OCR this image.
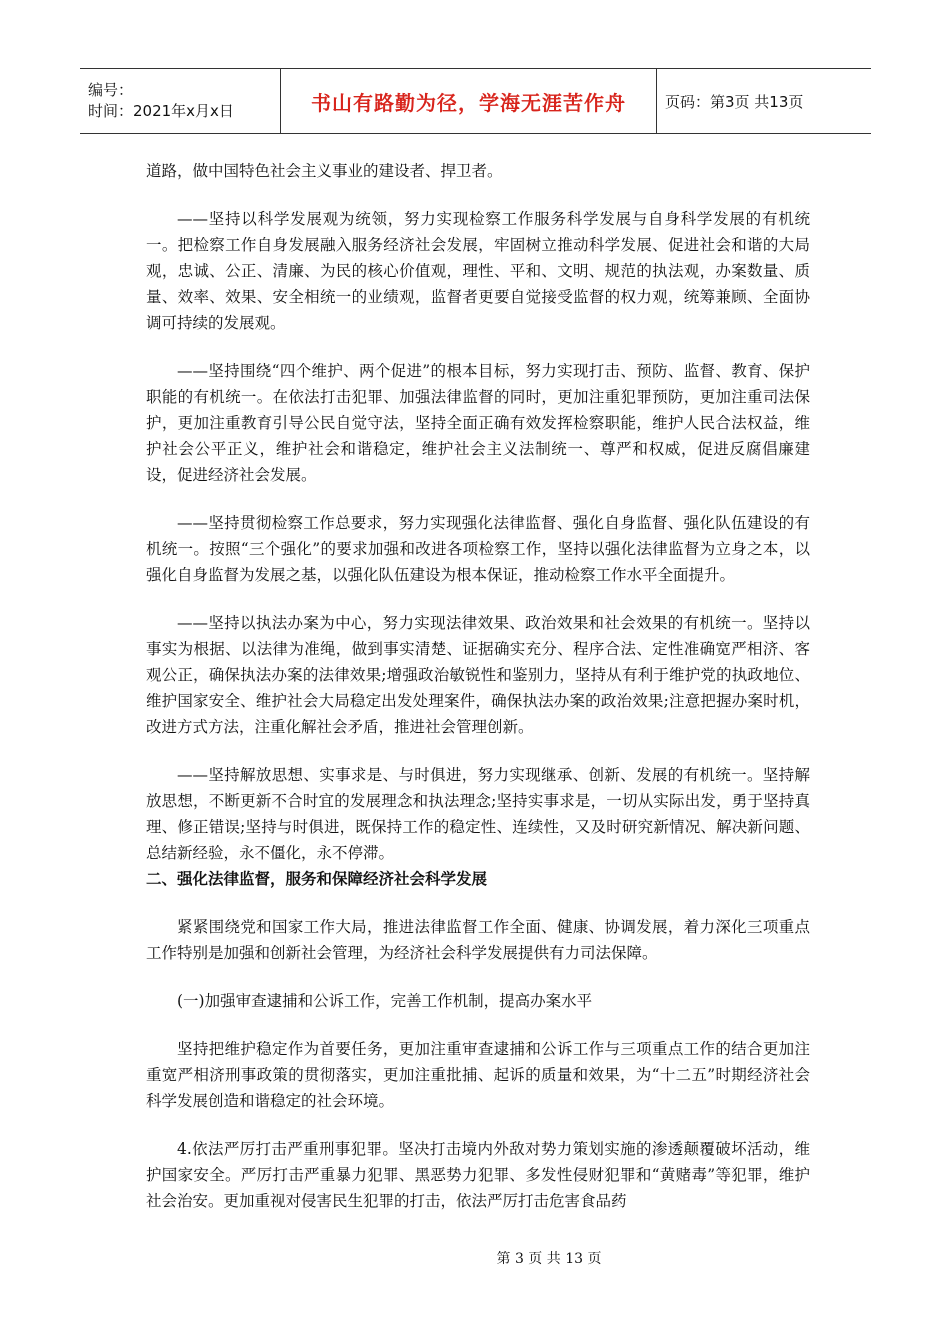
编号：
时间：2021年x月x日	书山有路勤为径，学海无涯苦作舟	页码：第3页 共13页

道路，做中国特色社会主义事业的建设者、捍卫者。

——坚持以科学发展观为统领，努力实现检察工作服务科学发展与自身科学发展的有机统一。把检察工作自身发展融入服务经济社会发展，牢固树立推动科学发展、促进社会和谐的大局观，忠诚、公正、清廉、为民的核心价值观，理性、平和、文明、规范的执法观，办案数量、质量、效率、效果、安全相统一的业绩观，监督者更要自觉接受监督的权力观，统筹兼顾、全面协调可持续的发展观。

——坚持围绕“四个维护、两个促进”的根本目标，努力实现打击、预防、监督、教育、保护职能的有机统一。在依法打击犯罪、加强法律监督的同时，更加注重犯罪预防，更加注重司法保护，更加注重教育引导公民自觉守法，坚持全面正确有效发挥检察职能，维护人民合法权益，维护社会公平正义，维护社会和谐稳定，维护社会主义法制统一、尊严和权威，促进反腐倡廉建设，促进经济社会发展。

——坚持贯彻检察工作总要求，努力实现强化法律监督、强化自身监督、强化队伍建设的有机统一。按照“三个强化”的要求加强和改进各项检察工作，坚持以强化法律监督为立身之本，以强化自身监督为发展之基，以强化队伍建设为根本保证，推动检察工作水平全面提升。

——坚持以执法办案为中心，努力实现法律效果、政治效果和社会效果的有机统一。坚持以事实为根据、以法律为准绳，做到事实清楚、证据确实充分、程序合法、定性准确宽严相济、客观公正，确保执法办案的法律效果;增强政治敏锐性和鉴别力，坚持从有利于维护党的执政地位、维护国家安全、维护社会大局稳定出发处理案件，确保执法办案的政治效果;注意把握办案时机，改进方式方法，注重化解社会矛盾，推进社会管理创新。

——坚持解放思想、实事求是、与时俱进，努力实现继承、创新、发展的有机统一。坚持解放思想，不断更新不合时宜的发展理念和执法理念;坚持实事求是，一切从实际出发，勇于坚持真理、修正错误;坚持与时俱进，既保持工作的稳定性、连续性，又及时研究新情况、解决新问题、总结新经验，永不僵化，永不停滞。

二、强化法律监督，服务和保障经济社会科学发展

紧紧围绕党和国家工作大局，推进法律监督工作全面、健康、协调发展，着力深化三项重点工作特别是加强和创新社会管理，为经济社会科学发展提供有力司法保障。

(一)加强审查逮捕和公诉工作，完善工作机制，提高办案水平

坚持把维护稳定作为首要任务，更加注重审查逮捕和公诉工作与三项重点工作的结合更加注重宽严相济刑事政策的贯彻落实，更加注重批捕、起诉的质量和效果，为“十二五”时期经济社会科学发展创造和谐稳定的社会环境。

4.依法严厉打击严重刑事犯罪。坚决打击境内外敌对势力策划实施的渗透颠覆破坏活动，维护国家安全。严厉打击严重暴力犯罪、黑恶势力犯罪、多发性侵财犯罪和“黄赌毒”等犯罪，维护社会治安。更加重视对侵害民生犯罪的打击，依法严厉打击危害食品药

第 3 页 共 13 页
